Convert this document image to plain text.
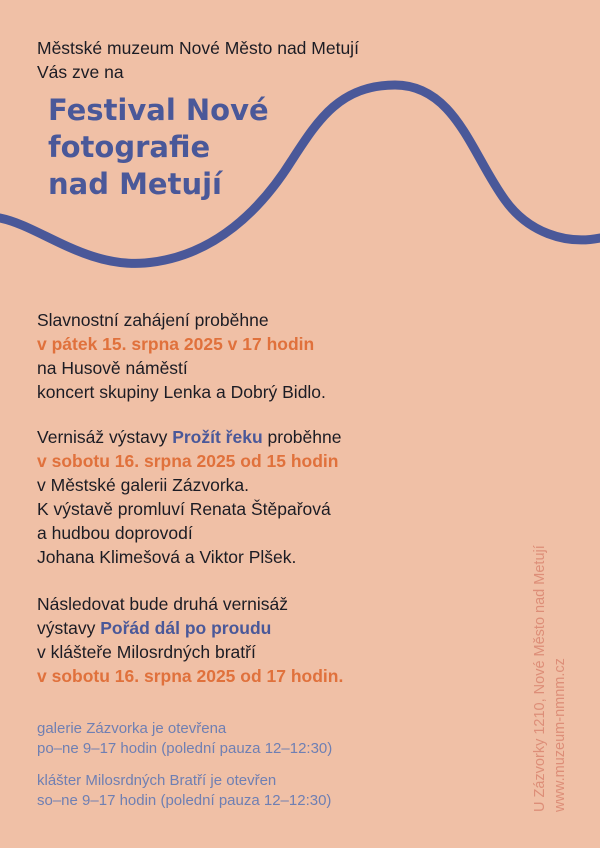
Městské muzeum Nové Město nad Metují
Vás zve na
Festival Nové
fotografie
nad Metují
Slavnostní zahájení proběhne
v pátek 15. srpna 2025 v 17 hodin
na Husově náměstí
koncert skupiny Lenka a Dobrý Bidlo.
Vernisáž výstavy Prožít řeku proběhne
v sobotu 16. srpna 2025 od 15 hodin
v Městské galerii Zázvorka.
K výstavě promluví Renata Štěpařová
a hudbou doprovodí
Johana Klimešová a Viktor Plšek.
Následovat bude druhá vernisáž
výstavy Pořád dál po proudu
v klášteře Milosrdných bratří
v sobotu 16. srpna 2025 od 17 hodin.
galerie Zázvorka je otevřena
po–ne 9–17 hodin (polední pauza 12–12:30)
klášter Milosrdných Bratří je otevřen
so–ne 9–17 hodin (polední pauza 12–12:30)	U Zázvorky 1210, Nové Město nad Metují www.muzeum-nmnm.cz
